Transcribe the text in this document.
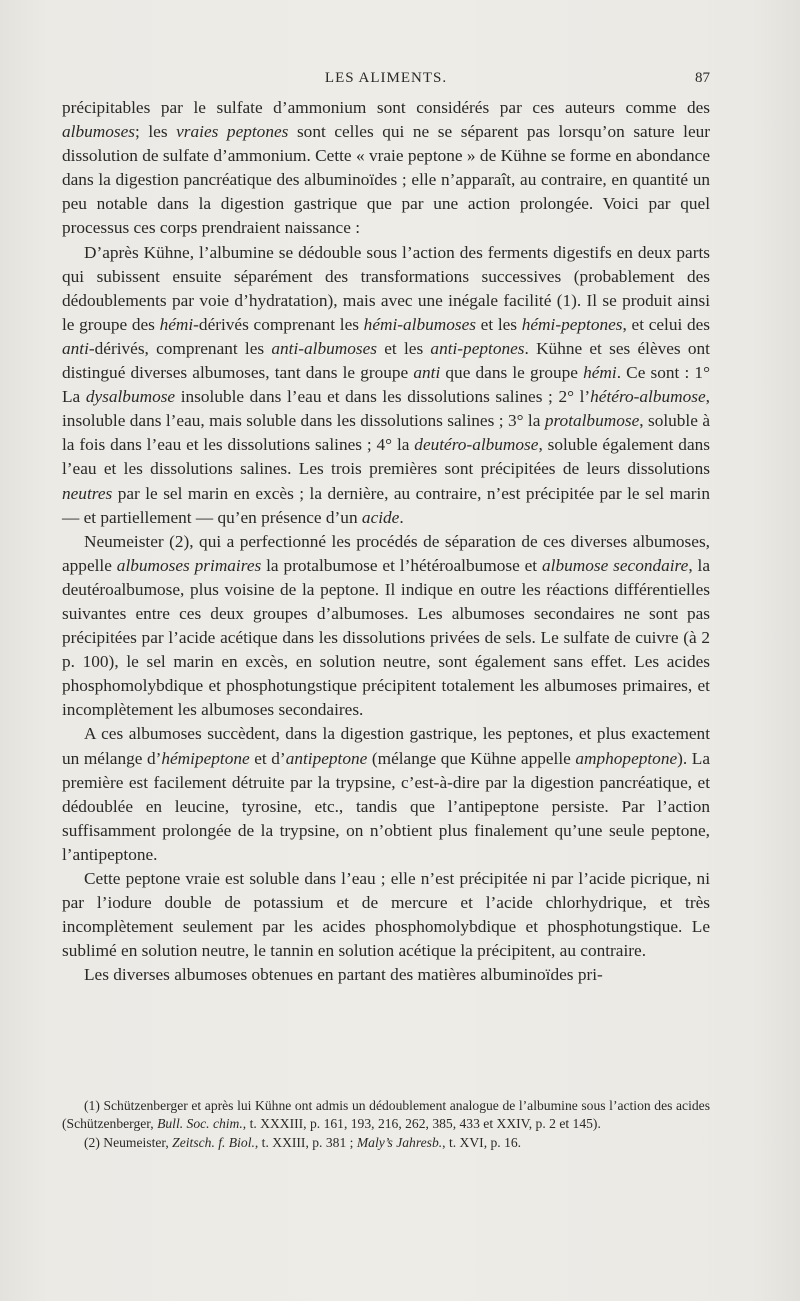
LES ALIMENTS.	87

précipitables par le sulfate d’ammonium sont considérés par ces auteurs comme des albumoses; les vraies peptones sont celles qui ne se séparent pas lorsqu’on sature leur dissolution de sulfate d’ammonium. Cette « vraie peptone » de Kühne se forme en abondance dans la digestion pancréatique des albuminoïdes ; elle n’apparaît, au contraire, en quantité un peu notable dans la digestion gastrique que par une action prolongée. Voici par quel processus ces corps prendraient naissance :

D’après Kühne, l’albumine se dédouble sous l’action des ferments digestifs en deux parts qui subissent ensuite séparément des transformations successives (probablement des dédoublements par voie d’hydratation), mais avec une inégale facilité (1). Il se produit ainsi le groupe des hémi-dérivés comprenant les hémi-albumoses et les hémi-peptones, et celui des anti-dérivés, comprenant les anti-albumoses et les anti-peptones. Kühne et ses élèves ont distingué diverses albumoses, tant dans le groupe anti que dans le groupe hémi. Ce sont : 1° La dysalbumose insoluble dans l’eau et dans les dissolutions salines ; 2° l’hétéro-albumose, insoluble dans l’eau, mais soluble dans les dissolutions salines ; 3° la protalbumose, soluble à la fois dans l’eau et les dissolutions salines ; 4° la deutéro-albumose, soluble également dans l’eau et les dissolutions salines. Les trois premières sont précipitées de leurs dissolutions neutres par le sel marin en excès ; la dernière, au contraire, n’est précipitée par le sel marin — et partiellement — qu’en présence d’un acide.

Neumeister (2), qui a perfectionné les procédés de séparation de ces diverses albumoses, appelle albumoses primaires la protalbumose et l’hétéroalbumose et albumose secondaire, la deutéroalbumose, plus voisine de la peptone. Il indique en outre les réactions différentielles suivantes entre ces deux groupes d’albumoses. Les albumoses secondaires ne sont pas précipitées par l’acide acétique dans les dissolutions privées de sels. Le sulfate de cuivre (à 2 p. 100), le sel marin en excès, en solution neutre, sont également sans effet. Les acides phosphomolybdique et phosphotungstique précipitent totalement les albumoses primaires, et incomplètement les albumoses secondaires.

A ces albumoses succèdent, dans la digestion gastrique, les peptones, et plus exactement un mélange d’hémipeptone et d’antipeptone (mélange que Kühne appelle amphopeptone). La première est facilement détruite par la trypsine, c’est-à-dire par la digestion pancréatique, et dédoublée en leucine, tyrosine, etc., tandis que l’antipeptone persiste. Par l’action suffisamment prolongée de la trypsine, on n’obtient plus finalement qu’une seule peptone, l’antipeptone.

Cette peptone vraie est soluble dans l’eau ; elle n’est précipitée ni par l’acide picrique, ni par l’iodure double de potassium et de mercure et l’acide chlorhydrique, et très incomplètement seulement par les acides phosphomolybdique et phosphotungstique. Le sublimé en solution neutre, le tannin en solution acétique la précipitent, au contraire.

Les diverses albumoses obtenues en partant des matières albuminoïdes pri-

(1) Schützenberger et après lui Kühne ont admis un dédoublement analogue de l’albumine sous l’action des acides (Schützenberger, Bull. Soc. chim., t. XXXIII, p. 161, 193, 216, 262, 385, 433 et XXIV, p. 2 et 145).

(2) Neumeister, Zeitsch. f. Biol., t. XXIII, p. 381 ; Maly’s Jahresb., t. XVI, p. 16.
